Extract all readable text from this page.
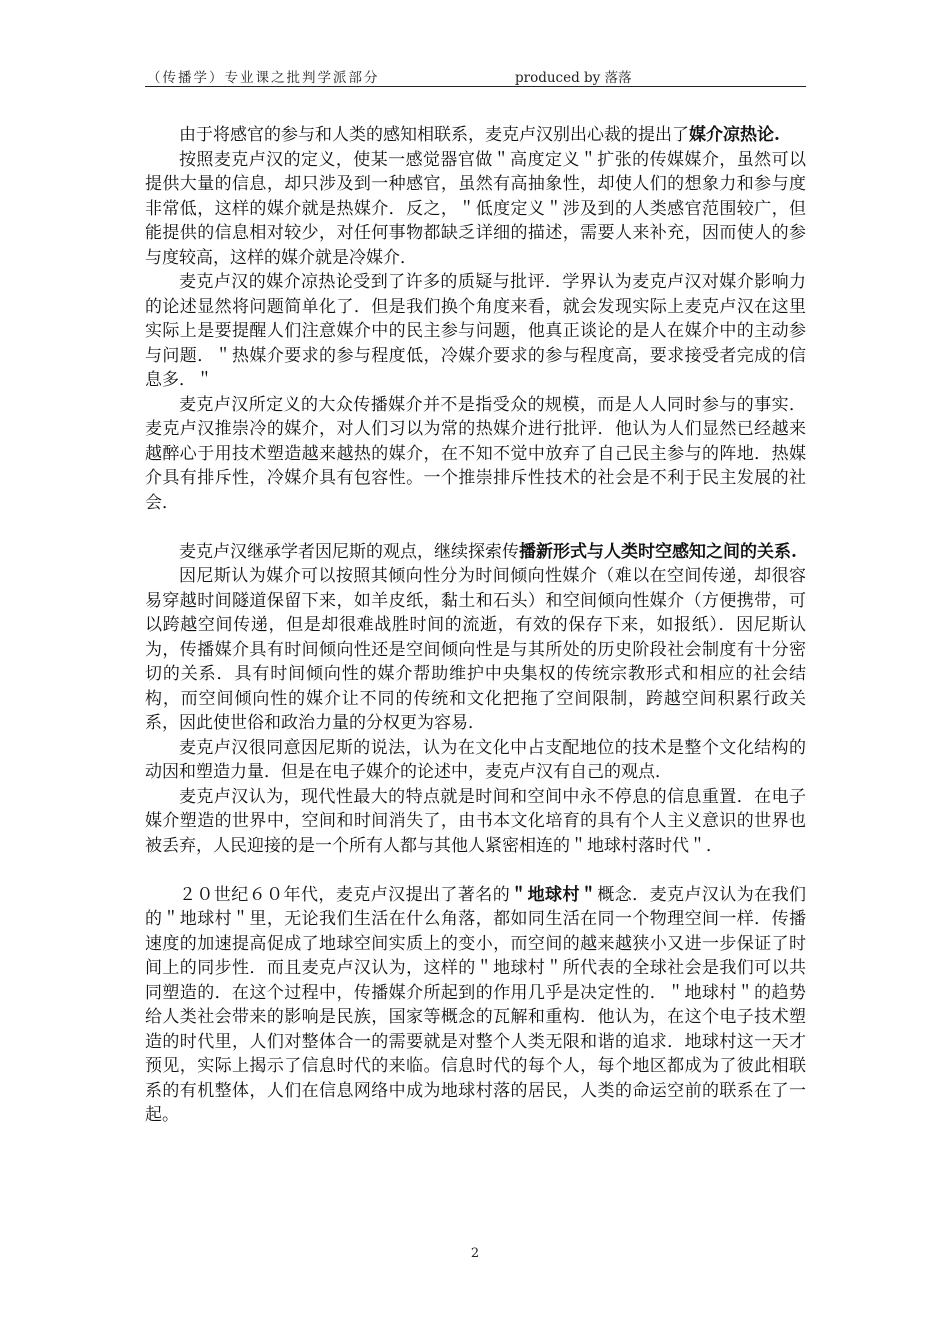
（传播学）专业课之批判学派部分	produced by 落落

由于将感官的参与和人类的感知相联系，麦克卢汉别出心裁的提出了媒介凉热论.

按照麦克卢汉的定义，使某一感觉器官做＂高度定义＂扩张的传媒媒介，虽然可以提供大量的信息，却只涉及到一种感官，虽然有高抽象性，却使人们的想象力和参与度非常低，这样的媒介就是热媒介．反之，＂低度定义＂涉及到的人类感官范围较广，但能提供的信息相对较少，对任何事物都缺乏详细的描述，需要人来补充，因而使人的参与度较高，这样的媒介就是冷媒介．

麦克卢汉的媒介凉热论受到了许多的质疑与批评．学界认为麦克卢汉对媒介影响力的论述显然将问题简单化了．但是我们换个角度来看，就会发现实际上麦克卢汉在这里实际上是要提醒人们注意媒介中的民主参与问题，他真正谈论的是人在媒介中的主动参与问题．＂热媒介要求的参与程度低，冷媒介要求的参与程度高，要求接受者完成的信息多．＂

麦克卢汉所定义的大众传播媒介并不是指受众的规模，而是人人同时参与的事实．麦克卢汉推崇冷的媒介，对人们习以为常的热媒介进行批评．他认为人们显然已经越来越醉心于用技术塑造越来越热的媒介，在不知不觉中放弃了自己民主参与的阵地．热媒介具有排斥性，冷媒介具有包容性。一个推崇排斥性技术的社会是不利于民主发展的社会．

麦克卢汉继承学者因尼斯的观点，继续探索传播新形式与人类时空感知之间的关系.

因尼斯认为媒介可以按照其倾向性分为时间倾向性媒介（难以在空间传递，却很容易穿越时间隧道保留下来，如羊皮纸，黏土和石头）和空间倾向性媒介（方便携带，可以跨越空间传递，但是却很难战胜时间的流逝，有效的保存下来，如报纸）．因尼斯认为，传播媒介具有时间倾向性还是空间倾向性是与其所处的历史阶段社会制度有十分密切的关系．具有时间倾向性的媒介帮助维护中央集权的传统宗教形式和相应的社会结构，而空间倾向性的媒介让不同的传统和文化把拖了空间限制，跨越空间积累行政关系，因此使世俗和政治力量的分权更为容易．

麦克卢汉很同意因尼斯的说法，认为在文化中占支配地位的技术是整个文化结构的动因和塑造力量．但是在电子媒介的论述中，麦克卢汉有自己的观点．

麦克卢汉认为，现代性最大的特点就是时间和空间中永不停息的信息重置．在电子媒介塑造的世界中，空间和时间消失了，由书本文化培育的具有个人主义意识的世界也被丢弃，人民迎接的是一个所有人都与其他人紧密相连的＂地球村落时代＂．

２０世纪６０年代，麦克卢汉提出了著名的＂地球村＂概念．麦克卢汉认为在我们的＂地球村＂里，无论我们生活在什么角落，都如同生活在同一个物理空间一样．传播速度的加速提高促成了地球空间实质上的变小，而空间的越来越狭小又进一步保证了时间上的同步性．而且麦克卢汉认为，这样的＂地球村＂所代表的全球社会是我们可以共同塑造的．在这个过程中，传播媒介所起到的作用几乎是决定性的．＂地球村＂的趋势给人类社会带来的影响是民族，国家等概念的瓦解和重构．他认为，在这个电子技术塑造的时代里，人们对整体合一的需要就是对整个人类无限和谐的追求．地球村这一天才预见，实际上揭示了信息时代的来临。信息时代的每个人，每个地区都成为了彼此相联系的有机整体，人们在信息网络中成为地球村落的居民，人类的命运空前的联系在了一起。

2
